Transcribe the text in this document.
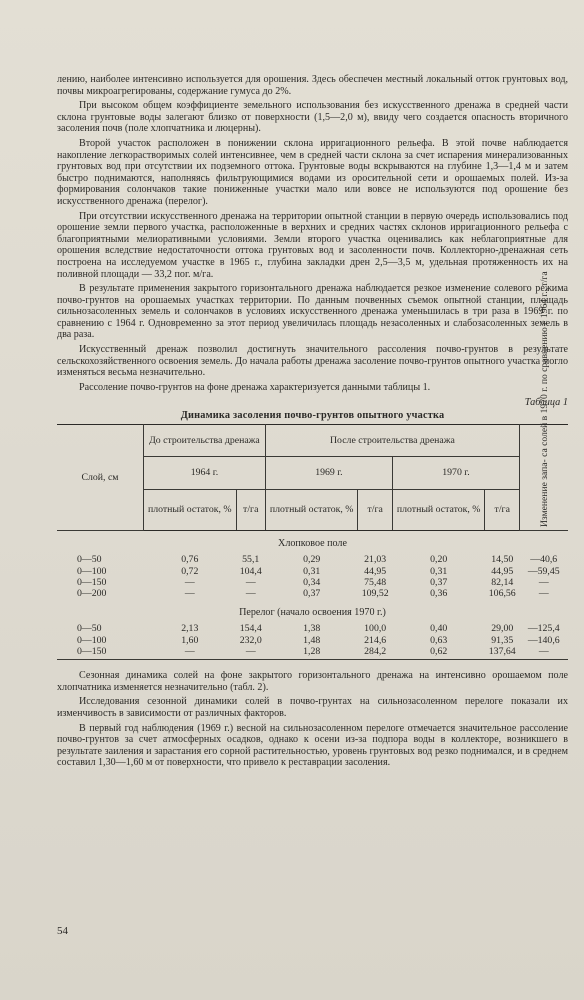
лению, наиболее интенсивно используется для орошения. Здесь обеспечен местный локальный отток грунтовых вод, почвы микроагрегированы, содержание гумуса до 2%.

При высоком общем коэффициенте земельного использования без искусственного дренажа в средней части склона грунтовые воды залегают близко от поверхности (1,5—2,0 м), ввиду чего создается опасность вторичного засоления почв (поле хлопчатника и люцерны).

Второй участок расположен в понижении склона ирригационного рельефа. В этой почве наблюдается накопление легкорастворимых солей интенсивнее, чем в средней части склона за счет испарения минерализованных грунтовых вод при отсутствии их подземного оттока. Грунтовые воды вскрываются на глубине 1,3—1,4 м и затем быстро поднимаются, наполняясь фильтрующимися водами из оросительной сети и орошаемых полей. Из-за формирования солончаков такие пониженные участки мало или вовсе не используются под орошение без искусственного дренажа (перелог).

При отсутствии искусственного дренажа на территории опытной станции в первую очередь использовались под орошение земли первого участка, расположенные в верхних и средних частях склонов ирригационного рельефа с благоприятными мелиоративными условиями. Земли второго участка оценивались как неблагоприятные для орошения вследствие недостаточности оттока грунтовых вод и засоленности почв. Коллекторно-дренажная сеть построена на исследуемом участке в 1965 г., глубина закладки дрен 2,5—3,5 м, удельная протяженность их на поливной площади — 33,2 пог. м/га.

В результате применения закрытого горизонтального дренажа наблюдается резкое изменение солевого режима почво-грунтов на орошаемых участках территории. По данным почвенных съемок опытной станции, площадь сильнозасоленных земель и солончаков в условиях искусственного дренажа уменьшилась в три раза в 1969 г. по сравнению с 1964 г. Одновременно за этот период увеличилась площадь незасоленных и слабозасоленных земель в два раза.

Искусственный дренаж позволил достигнуть значительного рассоления почво-грунтов в результате сельскохозяйственного освоения земель. До начала работы дренажа засоление почво-грунтов опытного участка могло изменяться весьма незначительно.

Рассоление почво-грунтов на фоне дренажа характеризуется данными таблицы 1.

Таблица 1
Динамика засоления почво-грунтов опытного участка
Слой, см	До строительства дренажа		После строительства дренажа				Изменение запа- са солей в 1970 г. по сравнению с 1964 г., т/га
	1964 г.		1969 г.		1970 г.		
	плотный остаток, %	т/га	плотный остаток, %	т/га	плотный остаток, %	т/га	
Хлопковое поле							
0—50	0,76	55,1	0,29	21,03	0,20	14,50	—40,6
0—100	0,72	104,4	0,31	44,95	0,31	44,95	—59,45
0—150	—	—	0,34	75,48	0,37	82,14	—
0—200	—	—	0,37	109,52	0,36	106,56	—
Перелог (начало освоения 1970 г.)							
0—50	2,13	154,4	1,38	100,0	0,40	29,00	—125,4
0—100	1,60	232,0	1,48	214,6	0,63	91,35	—140,6
0—150	—	—	1,28	284,2	0,62	137,64	—

Сезонная динамика солей на фоне закрытого горизонтального дренажа на интенсивно орошаемом поле хлопчатника изменяется незначительно (табл. 2).

Исследования сезонной динамики солей в почво-грунтах на сильнозасоленном перелоге показали их изменчивость в зависимости от различных факторов.

В первый год наблюдения (1969 г.) весной на сильнозасоленном перелоге отмечается значительное рассоление почво-грунтов за счет атмосферных осадков, однако к осени из-за подпора воды в коллекторе, возникшего в результате заиления и зарастания его сорной растительностью, уровень грунтовых вод резко поднимался, и в среднем составил 1,30—1,60 м от поверхности, что привело к реставрации засоления.

54
